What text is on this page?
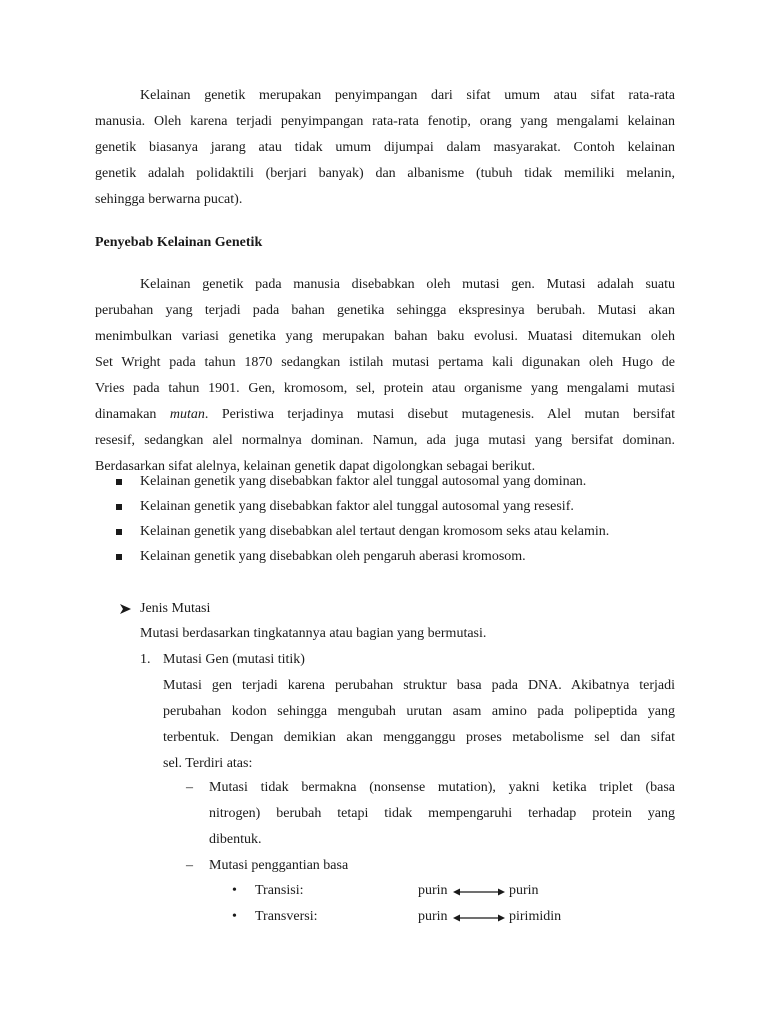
Kelainan genetik merupakan penyimpangan dari sifat umum atau sifat rata-rata
manusia. Oleh karena terjadi penyimpangan rata-rata fenotip, orang yang mengalami kelainan
genetik biasanya jarang atau tidak umum dijumpai dalam masyarakat. Contoh kelainan
genetik adalah polidaktili (berjari banyak) dan albanisme (tubuh tidak memiliki melanin,
sehingga berwarna pucat).
Penyebab Kelainan Genetik
Kelainan genetik pada manusia disebabkan oleh mutasi gen. Mutasi adalah suatu
perubahan yang terjadi pada bahan genetika sehingga ekspresinya berubah. Mutasi akan
menimbulkan variasi genetika yang merupakan bahan baku evolusi. Muatasi ditemukan oleh
Set Wright pada tahun 1870 sedangkan istilah mutasi pertama kali digunakan oleh Hugo de
Vries pada tahun 1901. Gen, kromosom, sel, protein atau organisme yang mengalami mutasi
dinamakan mutan. Peristiwa terjadinya mutasi disebut mutagenesis. Alel mutan bersifat
resesif, sedangkan alel normalnya dominan. Namun, ada juga mutasi yang bersifat dominan.
Berdasarkan sifat alelnya, kelainan genetik dapat digolongkan sebagai berikut.
Kelainan genetik yang disebabkan faktor alel tunggal autosomal yang dominan.
Kelainan genetik yang disebabkan faktor alel tunggal autosomal yang resesif.
Kelainan genetik yang disebabkan alel tertaut dengan kromosom seks atau kelamin.
Kelainan genetik yang disebabkan oleh pengaruh aberasi kromosom.
Jenis Mutasi
Mutasi berdasarkan tingkatannya atau bagian yang bermutasi.
1. Mutasi Gen (mutasi titik)
Mutasi gen terjadi karena perubahan struktur basa pada DNA. Akibatnya terjadi
perubahan kodon sehingga mengubah urutan asam amino pada polipeptida yang
terbentuk. Dengan demikian akan mengganggu proses metabolisme sel dan sifat
sel. Terdiri atas:
– Mutasi tidak bermakna (nonsense mutation), yakni ketika triplet (basa
nitrogen) berubah tetapi tidak mempengaruhi terhadap protein yang
dibentuk.
– Mutasi penggantian basa
• Transisi:	purin	purin
• Transversi:	purin	pirimidin
